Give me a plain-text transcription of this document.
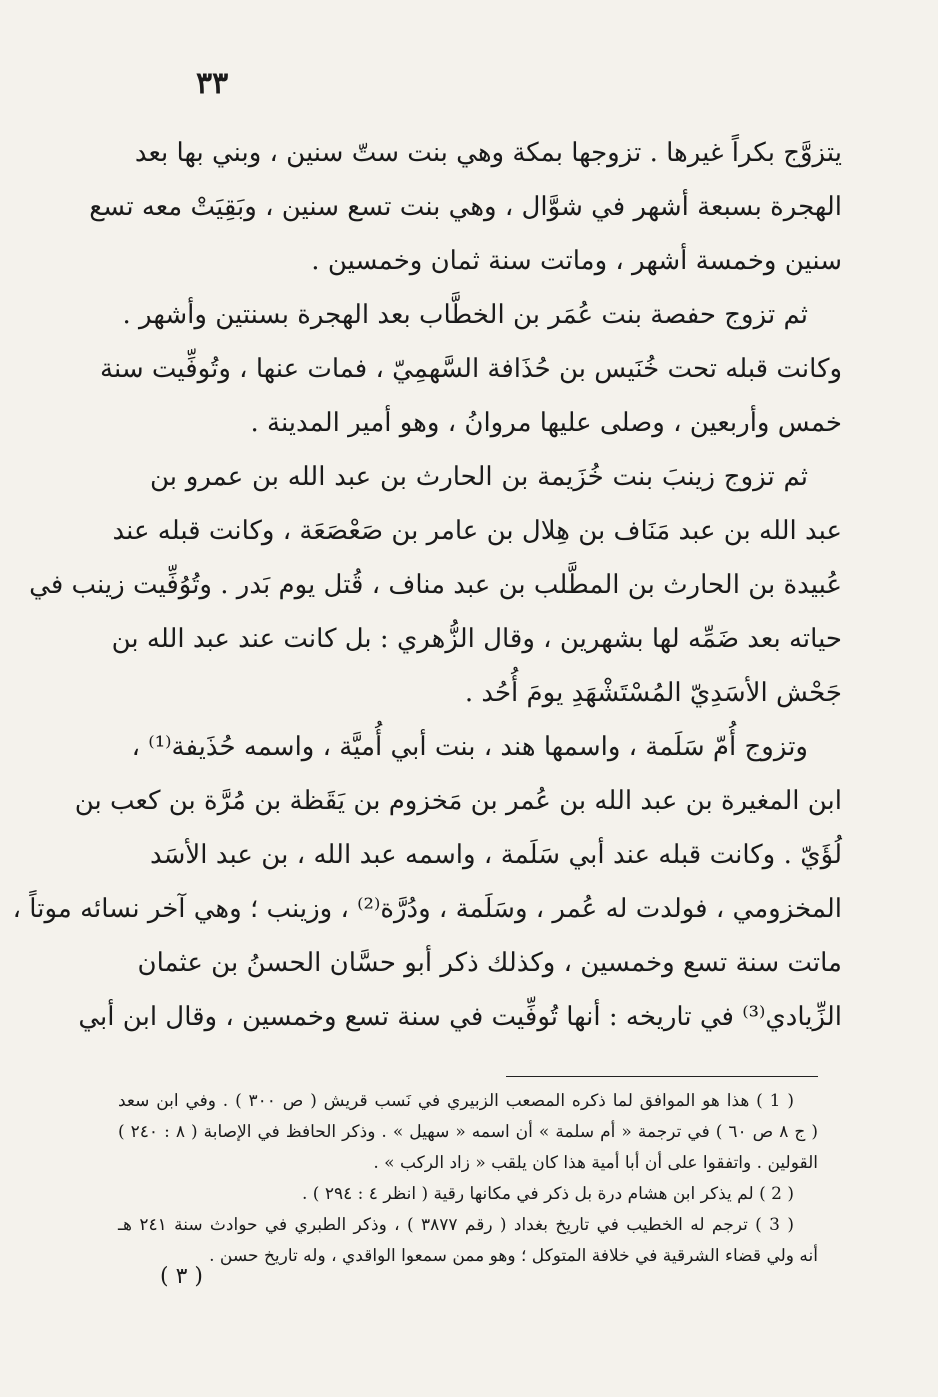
٣٣
يتزوَّج بكراً غيرها . تزوجها بمكة وهي بنت ستّ سنين ، وبني بها بعد
الهجرة بسبعة أشهر في شوَّال ، وهي بنت تسع سنين ، وبَقِيَتْ معه تسع
سنين وخمسة أشهر ، وماتت سنة ثمان وخمسين .
ثم تزوج حفصة بنت عُمَر بن الخطَّاب بعد الهجرة بسنتين وأشهر .
وكانت قبله تحت خُنَيس بن حُذَافة السَّهمِيّ ، فمات عنها ، وتُوفِّيت سنة
خمس وأربعين ، وصلى عليها مروانُ ، وهو أمير المدينة .
ثم تزوج زينبَ بنت خُزَيمة بن الحارث بن عبد الله بن عمرو بن
عبد الله بن عبد مَنَاف بن هِلال بن عامر بن صَعْصَعَة ، وكانت قبله عند
عُبيدة بن الحارث بن المطَّلب بن عبد مناف ، قُتل يوم بَدر . وتُوُفِّيت زينب في
حياته بعد ضَمِّه لها بشهرين ، وقال الزُّهري : بل كانت عند عبد الله بن
جَحْش الأسَدِيّ المُسْتَشْهَدِ يومَ أُحُد .
وتزوج أُمّ سَلَمة ، واسمها هند ، بنت أبي أُميَّة ، واسمه حُذَيفة⁽¹⁾ ،
ابن المغيرة بن عبد الله بن عُمر بن مَخزوم بن يَقَظة بن مُرَّة بن كعب بن
لُؤَيّ . وكانت قبله عند أبي سَلَمة ، واسمه عبد الله ، بن عبد الأسَد
المخزومي ، فولدت له عُمر ، وسَلَمة ، ودُرَّة⁽²⁾ ، وزينب ؛ وهي آخر نسائه موتاً ،
ماتت سنة تسع وخمسين ، وكذلك ذكر أبو حسَّان الحسنُ بن عثمان
الزِّيادي⁽³⁾ في تاريخه : أنها تُوفِّيت في سنة تسع وخمسين ، وقال ابن أبي
( 1 ) هذا هو الموافق لما ذكره المصعب الزبيري في نَسب قريش ( ص ٣٠٠ ) . وفي ابن سعد
( ج ٨ ص ٦٠ ) في ترجمة « أم سلمة » أن اسمه « سهيل » . وذكر الحافظ في الإصابة ( ٨ : ٢٤٠ )
القولين . واتفقوا على أن أبا أمية هذا كان يلقب « زاد الركب » .
( 2 ) لم يذكر ابن هشام درة بل ذكر في مكانها رقية ( انظر ٤ : ٢٩٤ ) .
( 3 ) ترجم له الخطيب في تاريخ بغداد ( رقم ٣٨٧٧ ) ، وذكر الطبري في حوادث سنة ٢٤١ هـ
أنه ولي قضاء الشرقية في خلافة المتوكل ؛ وهو ممن سمعوا الواقدي ، وله تاريخ حسن .
( ٣ )
